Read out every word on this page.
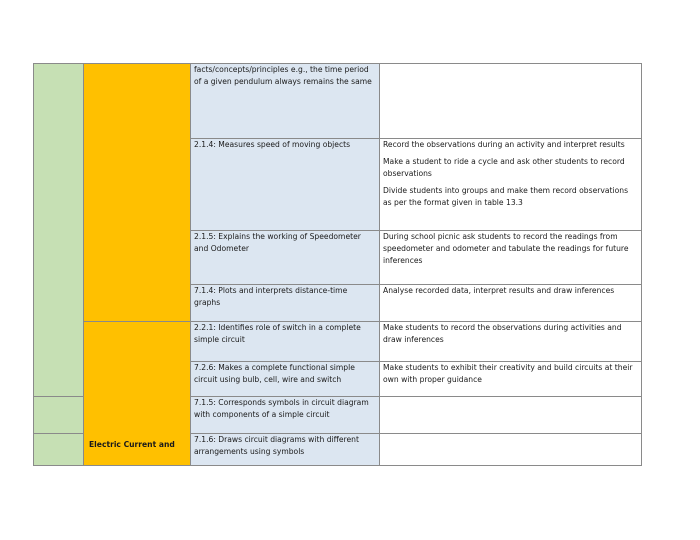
Electric Current and
facts/concepts/principles e.g., the time period of a given pendulum always remains the same
2.1.4: Measures speed of moving objects
2.1.5: Explains the working of Speedometer and Odometer
7.1.4: Plots and interprets distance-time graphs
2.2.1: Identifies role of switch in a complete simple circuit
7.2.6: Makes a complete functional simple circuit using bulb, cell, wire and switch
7.1.5: Corresponds symbols in circuit diagram with components of a simple circuit
7.1.6: Draws circuit diagrams with different arrangements using symbols

Record the observations during an activity and interpret results

Make a student to ride a cycle and ask other students to record observations

Divide students into groups and make them record observations as per the format given in table 13.3

During school picnic ask students to record the readings from speedometer and odometer and tabulate the readings for future inferences

Analyse recorded data, interpret results and draw inferences

Make students to record the observations during activities and draw inferences

Make students to exhibit their creativity and build circuits at their own with proper guidance
